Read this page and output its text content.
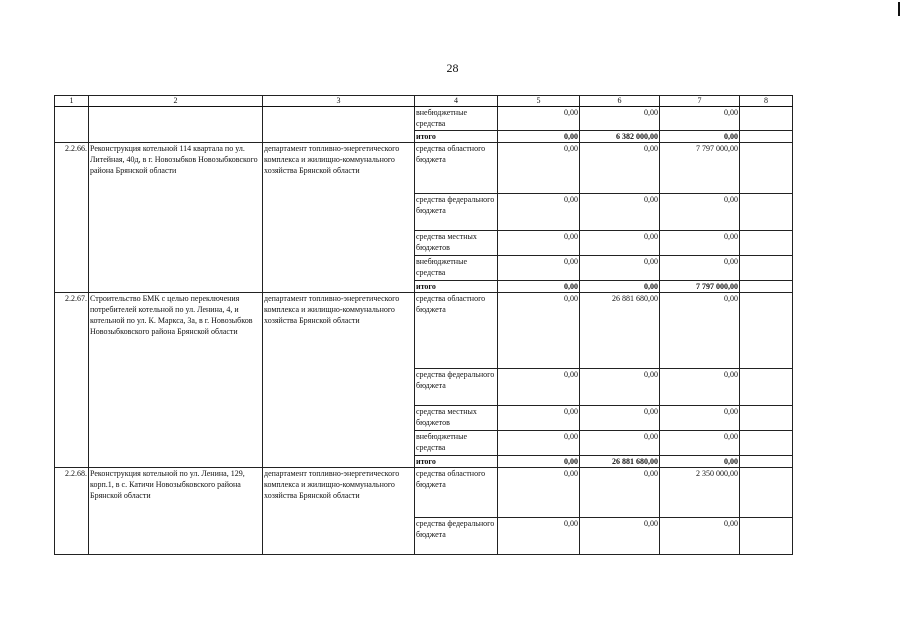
28
1	2	3	4	5	6	7	8
			внебюджетные средства	0,00	0,00	0,00	
			итого	0,00	6 382 000,00	0,00	
2.2.66.	Реконструкция котельной 114 квартала по ул. Литейная, 40д, в г. Новозыбков Новозыбковского района Брянской области	департамент топливно-энергетического комплекса и жилищно-коммунального хозяйства Брянской области	средства областного бюджета	0,00	0,00	7 797 000,00	
			средства федерального бюджета	0,00	0,00	0,00	
			средства местных бюджетов	0,00	0,00	0,00	
			внебюджетные средства	0,00	0,00	0,00	
			итого	0,00	0,00	7 797 000,00	
2.2.67.	Строительство БМК с целью переключения потребителей котельной по ул. Ленина, 4, и котельной по ул. К. Маркса, 3а, в г. Новозыбков Новозыбковского района Брянской области	департамент топливно-энергетического комплекса и жилищно-коммунального хозяйства Брянской области	средства областного бюджета	0,00	26 881 680,00	0,00	
			средства федерального бюджета	0,00	0,00	0,00	
			средства местных бюджетов	0,00	0,00	0,00	
			внебюджетные средства	0,00	0,00	0,00	
			итого	0,00	26 881 680,00	0,00	
2.2.68.	Реконструкция котельной по ул. Ленина, 129, корп.1, в с. Катичи Новозыбковского района Брянской области	департамент топливно-энергетического комплекса и жилищно-коммунального хозяйства Брянской области	средства областного бюджета	0,00	0,00	2 350 000,00	
			средства федерального бюджета	0,00	0,00	0,00	
